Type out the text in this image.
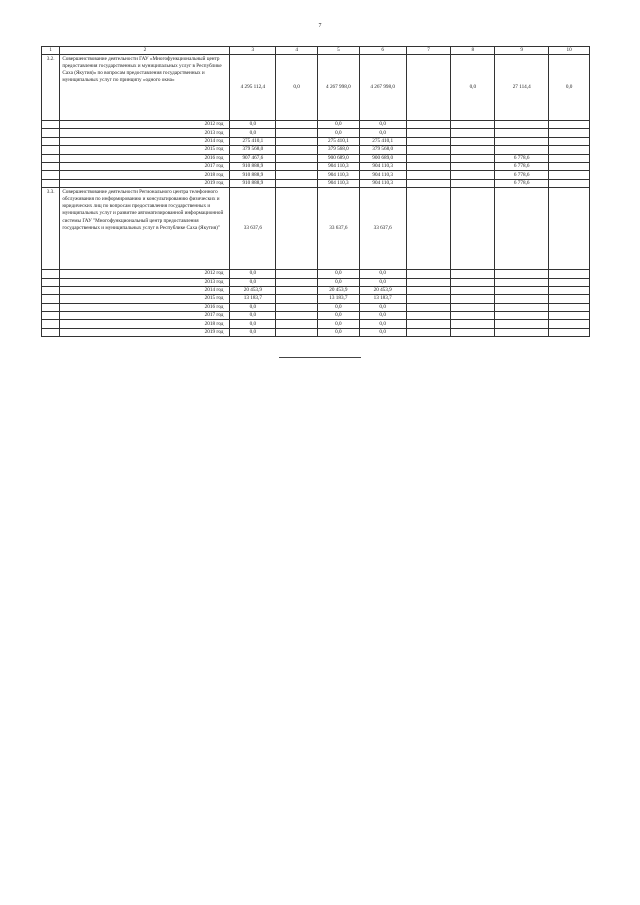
7
1	2	3	4	5	6	7	8	9	10
3.2.	Совершенствование деятельности ГАУ «Многофункциональный центр предоставления государственных и муниципальных услуг в Республике Саха (Якутия)» по вопросам предоставления государственных и муниципальных услуг по принципу «одного окна»	4 295 112,4	0,0	4 267 998,0	4 267 998,0		0,0	27 114,4	0,0
	2012 год	0,0		0,0	0,0				
	2013 год	0,0		0,0	0,0				
	2014 год	275 410,1		275 410,1	275 410,1				
	2015 год	379 568,0		379 568,0	379 568,0				
	2016 год	907 467,6		900 689,0	900 689,0			6 778,6	
	2017 год	910 888,9		904 110,3	904 110,3			6 778,6	
	2018 год	910 888,9		904 110,3	904 110,3			6 778,6	
	2019 год	910 888,9		904 110,3	904 110,3			6 778,6	
3.3.	Совершенствование деятельности Регионального центра телефонного обслуживания по информированию и консультированию физических и юридических лиц по вопросам предоставления государственных и муниципальных услуг и развитие автоматизированной информационной системы ГАУ "Многофункциональный центр предоставления государственных и муниципальных услуг в Республике Саха (Якутия)"	33 637,6		33 637,6	33 637,6				
	2012 год	0,0		0,0	0,0				
	2013 год	0,0		0,0	0,0				
	2014 год	20 453,9		20 453,9	20 453,9				
	2015 год	13 183,7		13 183,7	13 183,7				
	2016 год	0,0		0,0	0,0				
	2017 год	0,0		0,0	0,0				
	2018 год	0,0		0,0	0,0				
	2019 год	0,0		0,0	0,0				
